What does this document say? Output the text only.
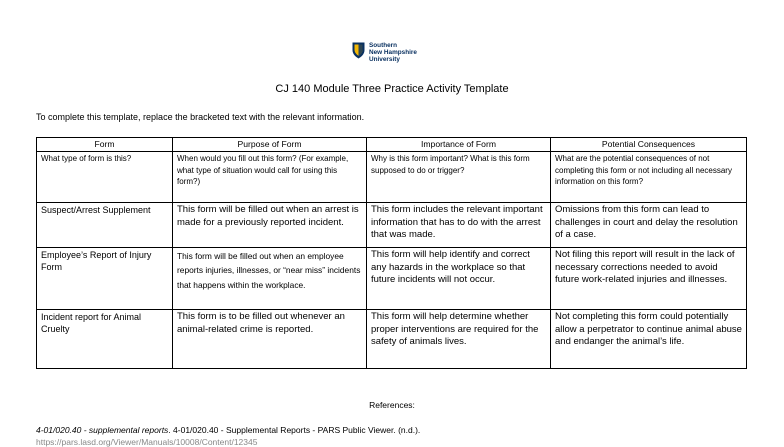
Southern
New Hampshire
University
CJ 140 Module Three Practice Activity Template
To complete this template, replace the bracketed text with the relevant information.
Form	Purpose of Form	Importance of Form	Potential Consequences
What type of form is this?	When would you fill out this form? (For example, what type of situation would call for using this form?)	Why is this form important? What is this form supposed to do or trigger?	What are the potential consequences of not completing this form or not including all necessary information on this form?
Suspect/Arrest Supplement	This form will be filled out when an arrest is made for a previously reported incident.	This form includes the relevant important information that has to do with the arrest that was made.	Omissions from this form can lead to challenges in court and delay the resolution of a case.
Employee’s Report of Injury Form	This form will be filled out when an employee reports injuries, illnesses, or “near miss” incidents that happens within the workplace.	This form will help identify and correct any hazards in the workplace so that future incidents will not occur.	Not filing this report will result in the lack of necessary corrections needed to avoid future work-related injuries and illnesses.
Incident report for Animal Cruelty	This form is to be filled out whenever an animal-related crime is reported.	This form will help determine whether proper interventions are required for the safety of animals lives.	Not completing this form could potentially allow a perpetrator to continue animal abuse and endanger the animal’s life.
References:
4-01/020.40 - supplemental reports. 4-01/020.40 - Supplemental Reports - PARS Public Viewer. (n.d.).
https://pars.lasd.org/Viewer/Manuals/10008/Content/12345
